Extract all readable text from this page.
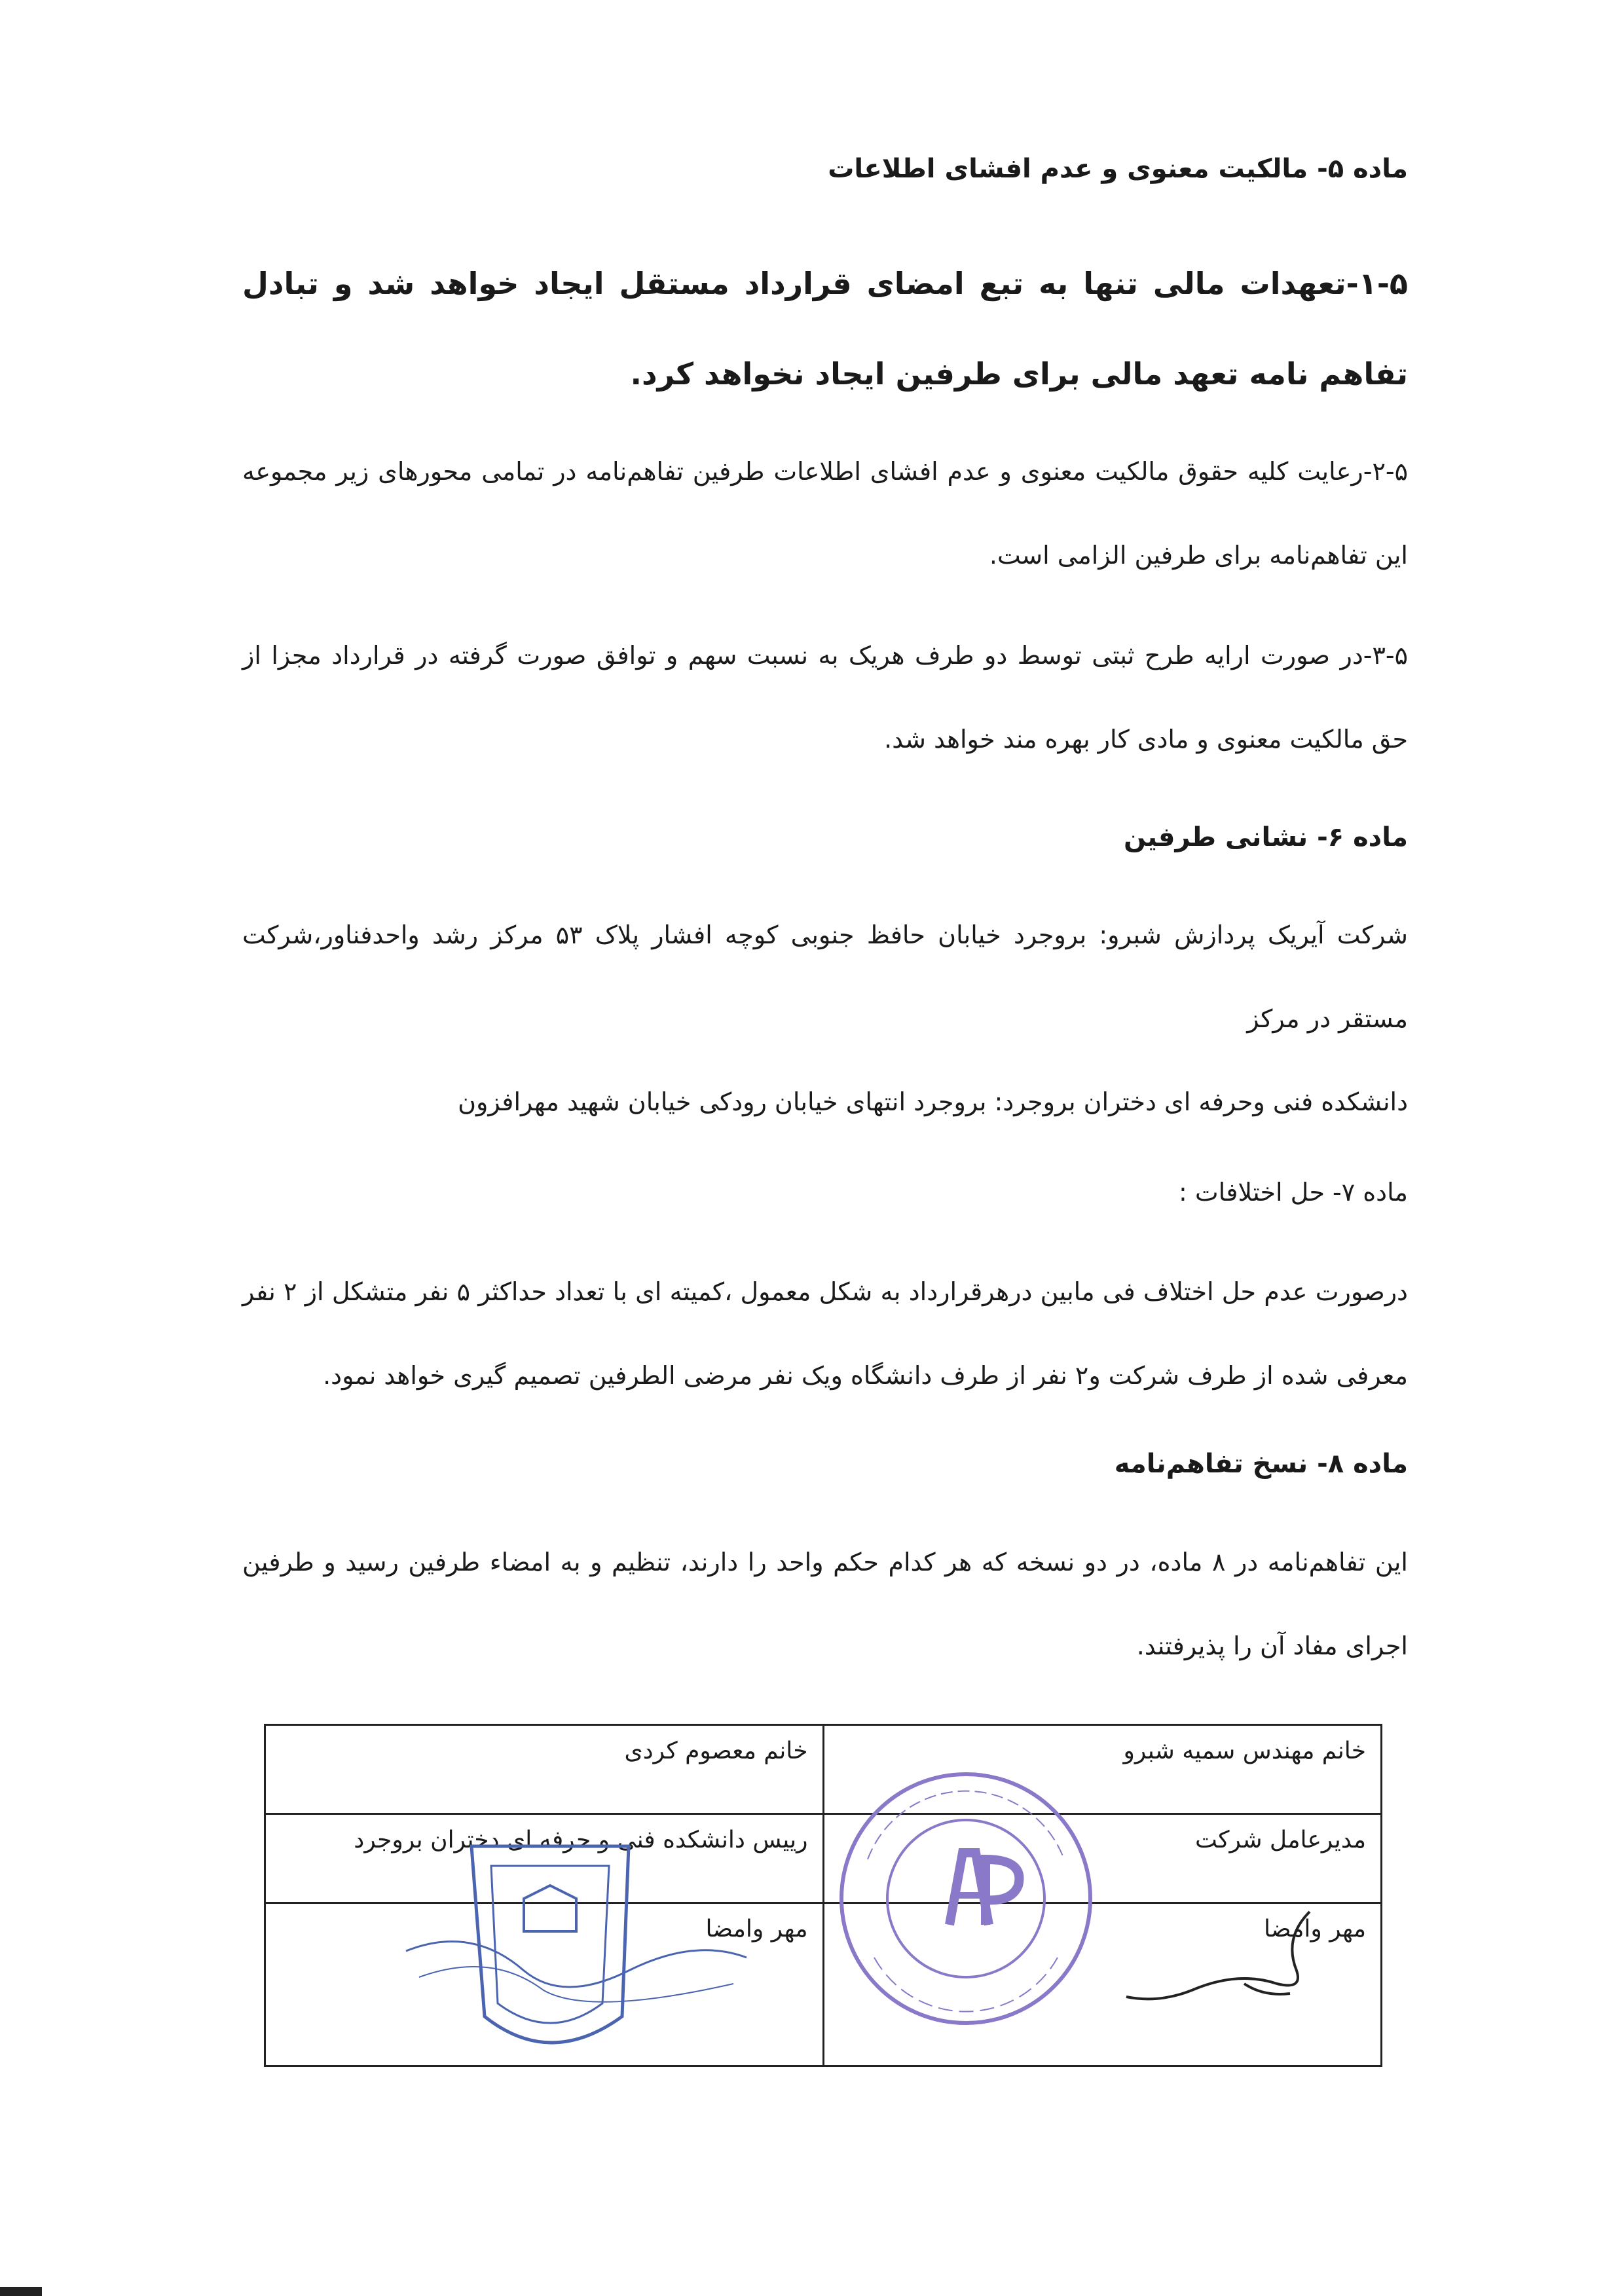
ماده ۵- مالکیت معنوی و عدم افشای اطلاعات

۱-۵-تعهدات مالی تنها به تبع امضای قرارداد مستقل ایجاد خواهد شد و تبادل تفاهم نامه تعهد مالی برای طرفین ایجاد نخواهد کرد.

۲-۵-رعایت کلیه حقوق مالکیت معنوی و عدم افشای اطلاعات طرفین تفاهم‌نامه در تمامی محورهای زیر مجموعه این تفاهم‌نامه برای طرفین الزامی است.

۳-۵-در صورت ارایه طرح ثبتی توسط دو طرف هریک به نسبت سهم و توافق صورت گرفته در قرارداد مجزا از حق مالکیت معنوی و مادی کار بهره مند خواهد شد.

ماده ۶- نشانی طرفین

شرکت آیریک پردازش شبرو: بروجرد خیابان حافظ جنوبی کوچه افشار پلاک ۵۳ مرکز رشد واحدفناور،شرکت مستقر در مرکز

دانشکده فنی وحرفه ای دختران بروجرد: بروجرد انتهای خیابان رودکی خیابان شهید مهرافزون

ماده ۷- حل اختلافات :

درصورت عدم حل اختلاف فی مابین درهرقرارداد به شکل معمول ،کمیته ای با تعداد حداکثر ۵ نفر متشکل از ۲ نفر معرفی شده از طرف شرکت و۲ نفر از طرف دانشگاه ویک نفر مرضی الطرفین تصمیم گیری خواهد نمود.

ماده ۸- نسخ تفاهم‌نامه

این تفاهم‌نامه در ۸ ماده، در دو نسخه که هر کدام حکم واحد را دارند، تنظیم و به امضاء طرفین رسید و طرفین اجرای مفاد آن را پذیرفتند.

خانم مهندس سمیه شبرو	خانم معصوم کردی
مدیرعامل شرکت	رییس دانشکده فنی و حرفه ای دختران بروجرد
مهر وامضا	مهر وامضا
